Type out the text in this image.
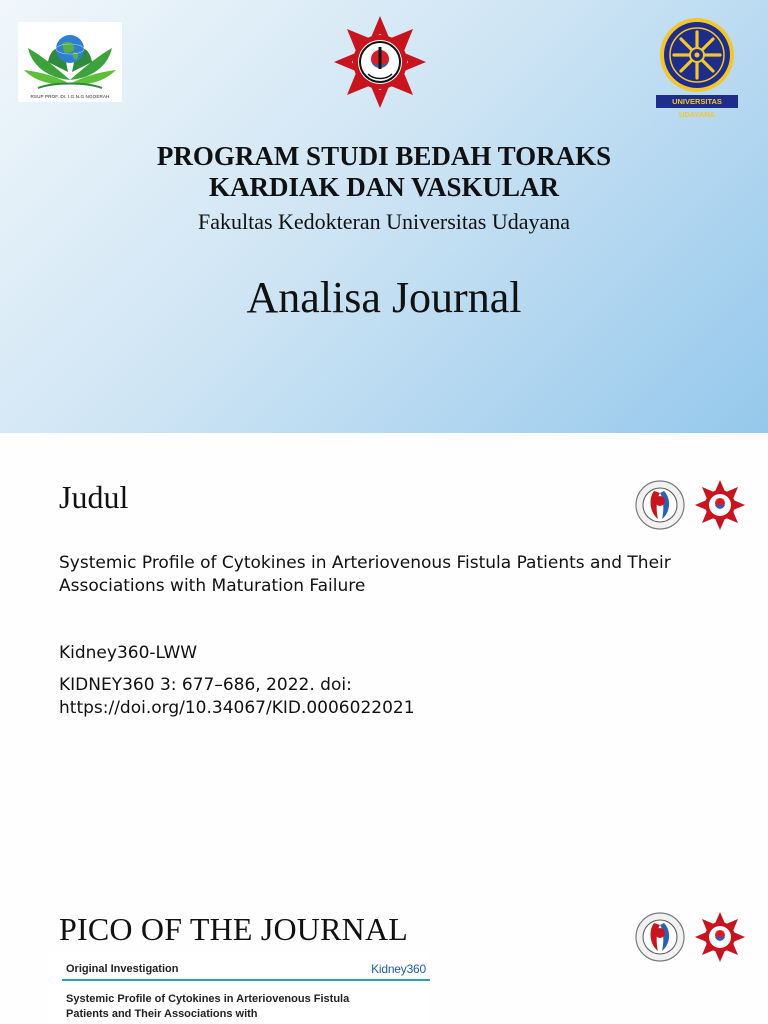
RSUP PROF. Dr. I.G.N.G NGOERAH
UNIVERSITAS UDAYANA
PROGRAM STUDI BEDAH TORAKS
KARDIAK DAN VASKULAR
Fakultas Kedokteran Universitas Udayana
Analisa Journal
Judul
Systemic Profile of Cytokines in Arteriovenous Fistula Patients and Their Associations with Maturation Failure
Kidney360-LWW
KIDNEY360 3: 677–686, 2022. doi: https://doi.org/10.34067/KID.0006022021
PICO OF THE JOURNAL
Original Investigation	Kidney360
Systemic Profile of Cytokines in Arteriovenous Fistula Patients and Their Associations with
